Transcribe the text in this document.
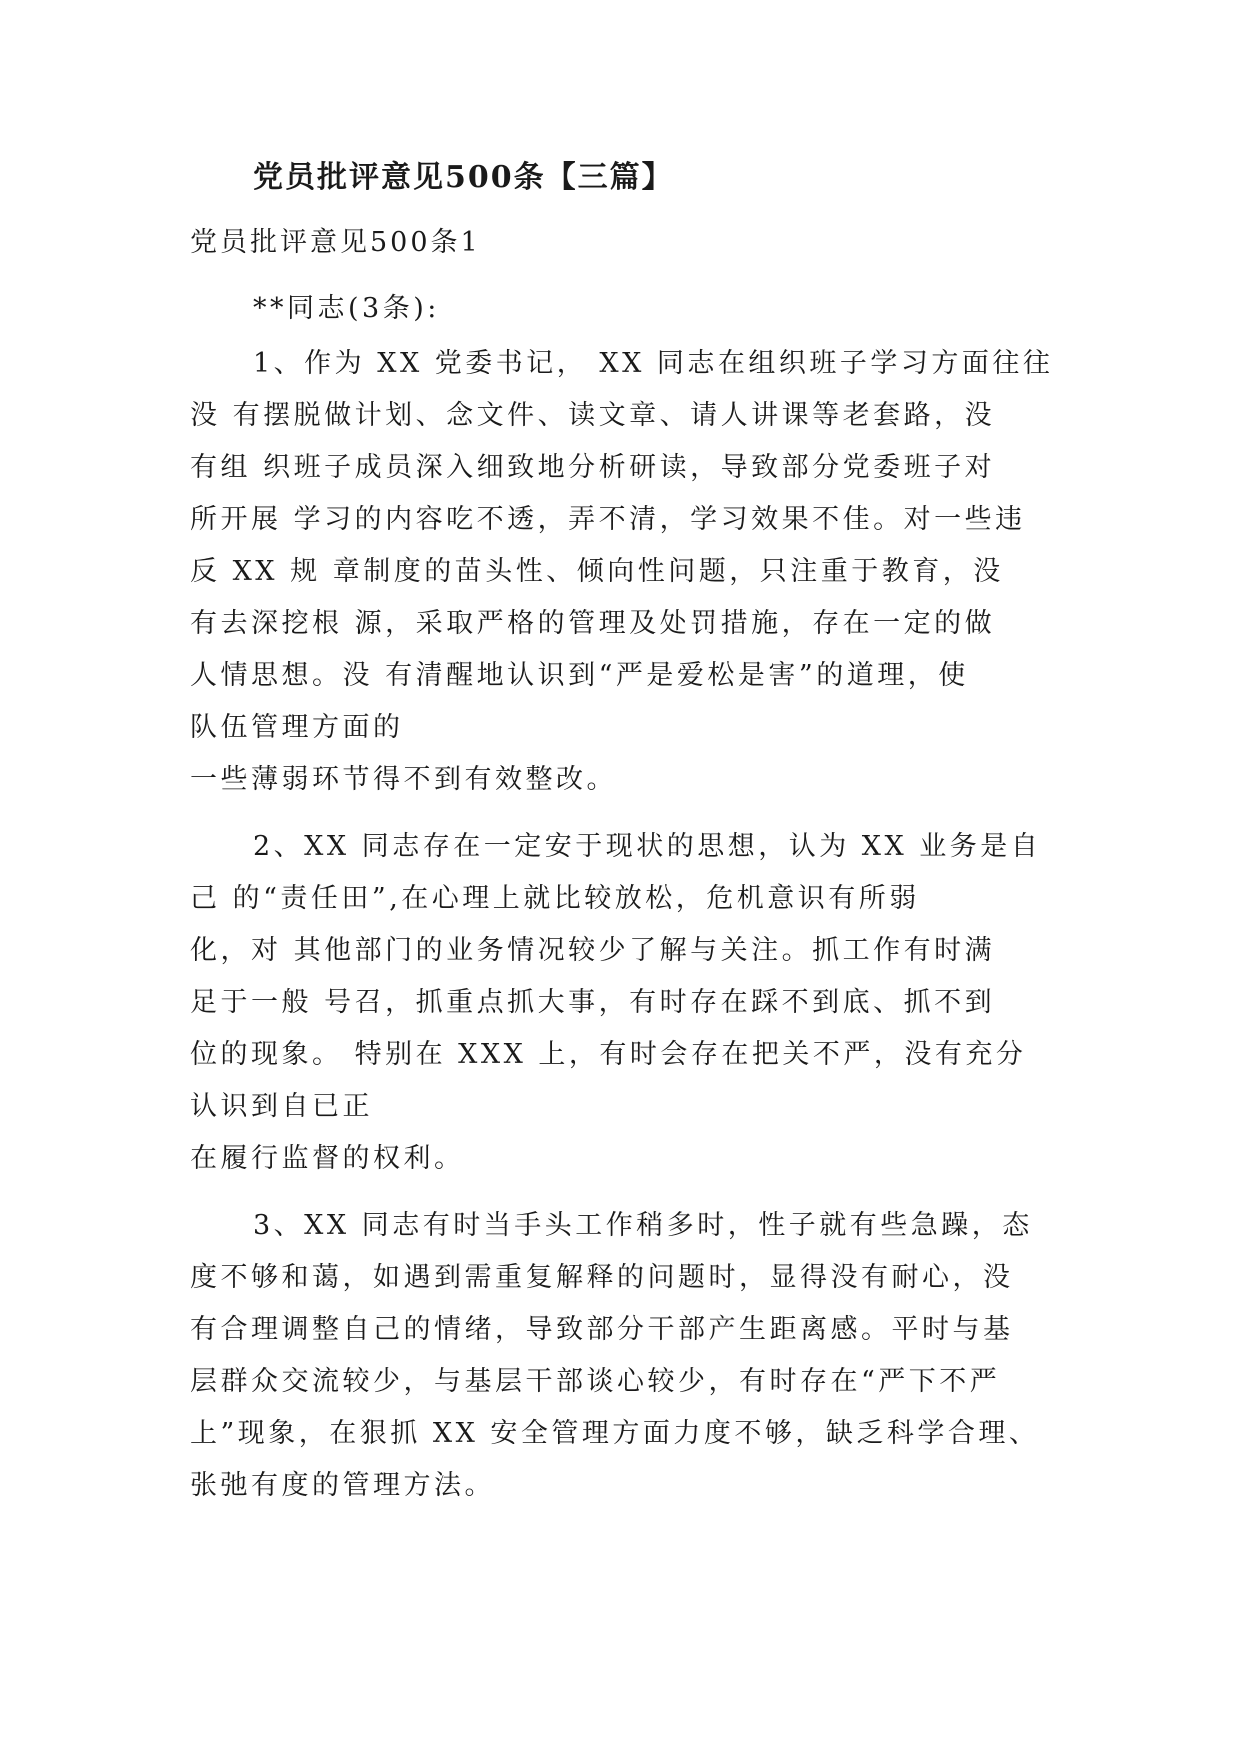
党员批评意见500条【三篇】
党员批评意见500条1
**同志(3条):
1、作为 XX 党委书记， XX 同志在组织班子学习方面往往
没 有摆脱做计划、念文件、读文章、请人讲课等老套路，没
有组 织班子成员深入细致地分析研读，导致部分党委班子对
所开展 学习的内容吃不透，弄不清，学习效果不佳。对一些违
反 XX 规 章制度的苗头性、倾向性问题，只注重于教育，没
有去深挖根 源，采取严格的管理及处罚措施，存在一定的做
人情思想。没 有清醒地认识到“严是爱松是害”的道理，使
队伍管理方面的
一些薄弱环节得不到有效整改。
2、XX 同志存在一定安于现状的思想，认为 XX 业务是自
己 的“责任田”,在心理上就比较放松，危机意识有所弱
化，对 其他部门的业务情况较少了解与关注。抓工作有时满
足于一般 号召，抓重点抓大事，有时存在踩不到底、抓不到
位的现象。 特别在 XXX 上，有时会存在把关不严，没有充分
认识到自已正
在履行监督的权利。
3、XX 同志有时当手头工作稍多时，性子就有些急躁，态
度不够和蔼，如遇到需重复解释的问题时，显得没有耐心，没
有合理调整自己的情绪，导致部分干部产生距离感。平时与基
层群众交流较少，与基层干部谈心较少，有时存在“严下不严
上”现象，在狠抓 XX 安全管理方面力度不够，缺乏科学合理、
张弛有度的管理方法。
